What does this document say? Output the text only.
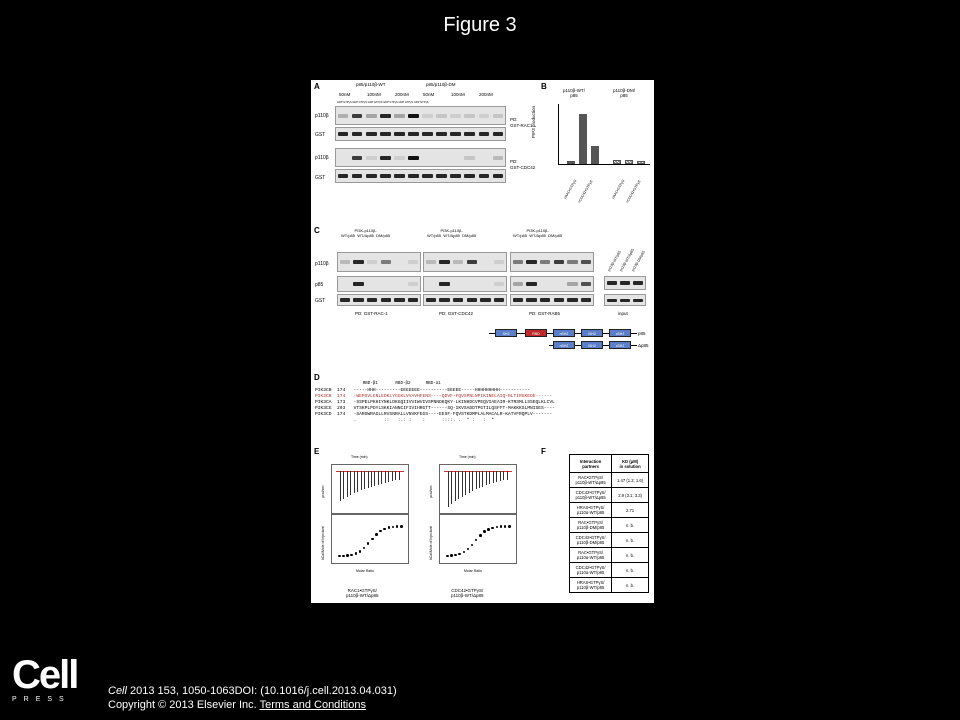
Figure 3
A	p85/p110β-WT	p85/p110β-DM
50nM	100nM	200nM	50nM	100nM	200nM
GDP GTPγS GDP GTPγS GDP GTPγS GDP GTPγS GDP GTPγS GDP GTPγS
p110β
GST
p110β
GST
PD:
GST-RAC1
PD:
GST-CDC42
B	p110β-WT/
p85
p110β-DM/
p85
PIP3 production
+RAC•GTPγS +CDC42•GTPγS	+RAC•GTPγS +CDC42•GTPγS
C	PI3K-p110β-
WT/p85  WT/Δp85  DM/p85
PI3K-p110β-
WT/p85  WT/Δp85  DM/p85
PI3K-p110β-
WT/p85  WT/Δp85  DM/p85
p110β
p85
GST
p110β-WT/p85
p110β-WT/Δp85
p110β-DM/p85
PD: GST-RAC-1	PD: GST-CDC42	PD: GST-RAB5	input
SH3	RBD	nSH2	iSH2	cSH2	p85
nSH2	iSH2	cSH2	Δp85
D
RBD-β1       RBD-β2      RBD-α1
PIK3CB  174   -----HHH---------EEEEEEE----------EEEEE-----HHHHHHHHH-----------
PIK3CB  174   -WEPSVLENLEDKLYGGKLVVAVHFENS----QDVF-FQVSPNLNPIKINELAIQ-RLTIRGKEDE------
PIK3CA  173   -SSPELPKHIYNKLDKGQIIVVIWVIVSPNNDKQKY-LKINHDCVPEQVIAEAIR-KTRSMLLSSEQLKLCVL
PIK3CG  203   VTSKPLPDYLSKKIANNCIFIVIHRGTT------SQ-IKVSADDTPGTILQSFFT-MAKKKSLMNISES----
PIK3CD  174   -SARGWRAGLLRVSNRALLVNVKFEGS----EESF-FQVSTKDMPLALMACALR-KATVFRQPLV-------
.          ::   :.: :    :      ::::. .  * :   :  *
E
Time (min)
μcal/sec
kCal/Mole of Injectant
Molar Ratio
RAC1•GTPγS/
p110β-WT/Δp85
Time (min)
μcal/sec
kCal/Mole of Injectant
Molar Ratio
CDC42•GTPγS/
p110β-WT/Δp85
F
Interaction
partners	KD (μM)
in solution
RAC•GTPγS/
p110β-WT/Δp85	1.47 (1.2; 1.6)
CDC42•GTPγS/
p110β-WT/Δp85	2.9 (3.1; 3.3)
HRAS•GTPγS/
p110α-WT/p85	2.71
RAC•GTPγS/
p110β-DM/p85	n. b.
CDC42•GTPγS/
p110β-DM/p85	n. b.
RAC•GTPγS/
p110α-WT/p85	n. b.
CDC42•GTPγS/
p110α-WT/p85	n. b.
HRAS•GTPγS/
p110β-WT/p85	n. b.
Cell
PRESS
Cell 2013 153, 1050-1063DOI: (10.1016/j.cell.2013.04.031)
Copyright © 2013 Elsevier Inc. Terms and Conditions
